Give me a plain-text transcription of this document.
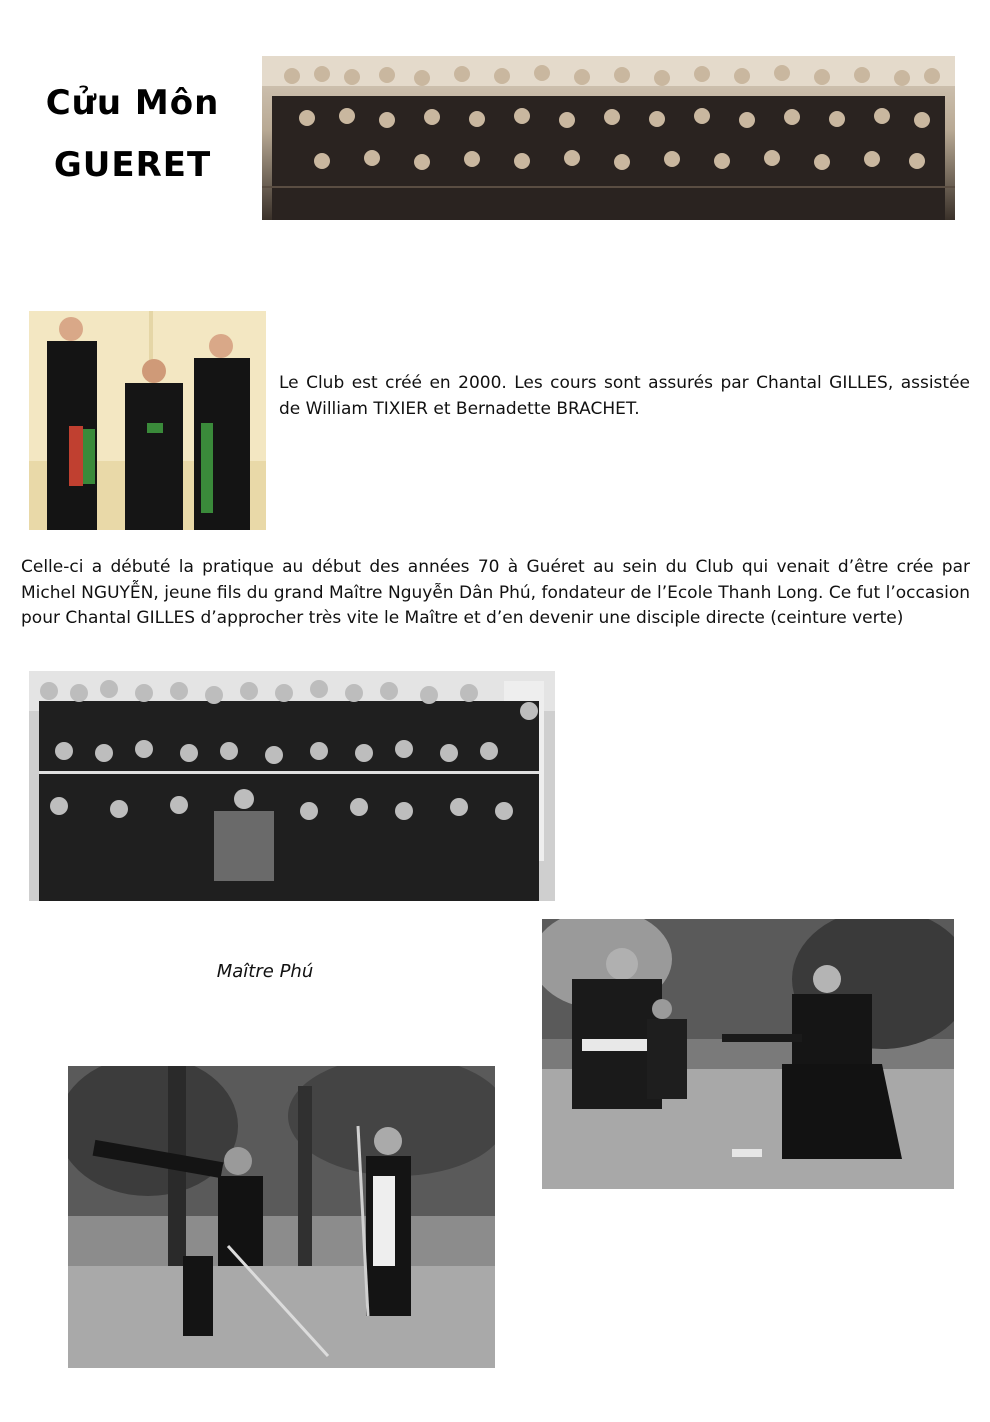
Cửu Môn
GUERET
Le Club est créé en 2000. Les cours sont assurés par Chantal GILLES, assistée de William TIXIER et Bernadette BRACHET.
Celle-ci a débuté la pratique au début des années 70 à Guéret au sein du Club qui venait d’être crée par Michel NGUYỄN, jeune fils du grand Maître Nguyễn Dân Phú, fondateur de l’Ecole Thanh Long. Ce fut l’occasion pour Chantal GILLES d’approcher très vite le Maître et d’en devenir une disciple directe (ceinture verte)
Maître Phú
